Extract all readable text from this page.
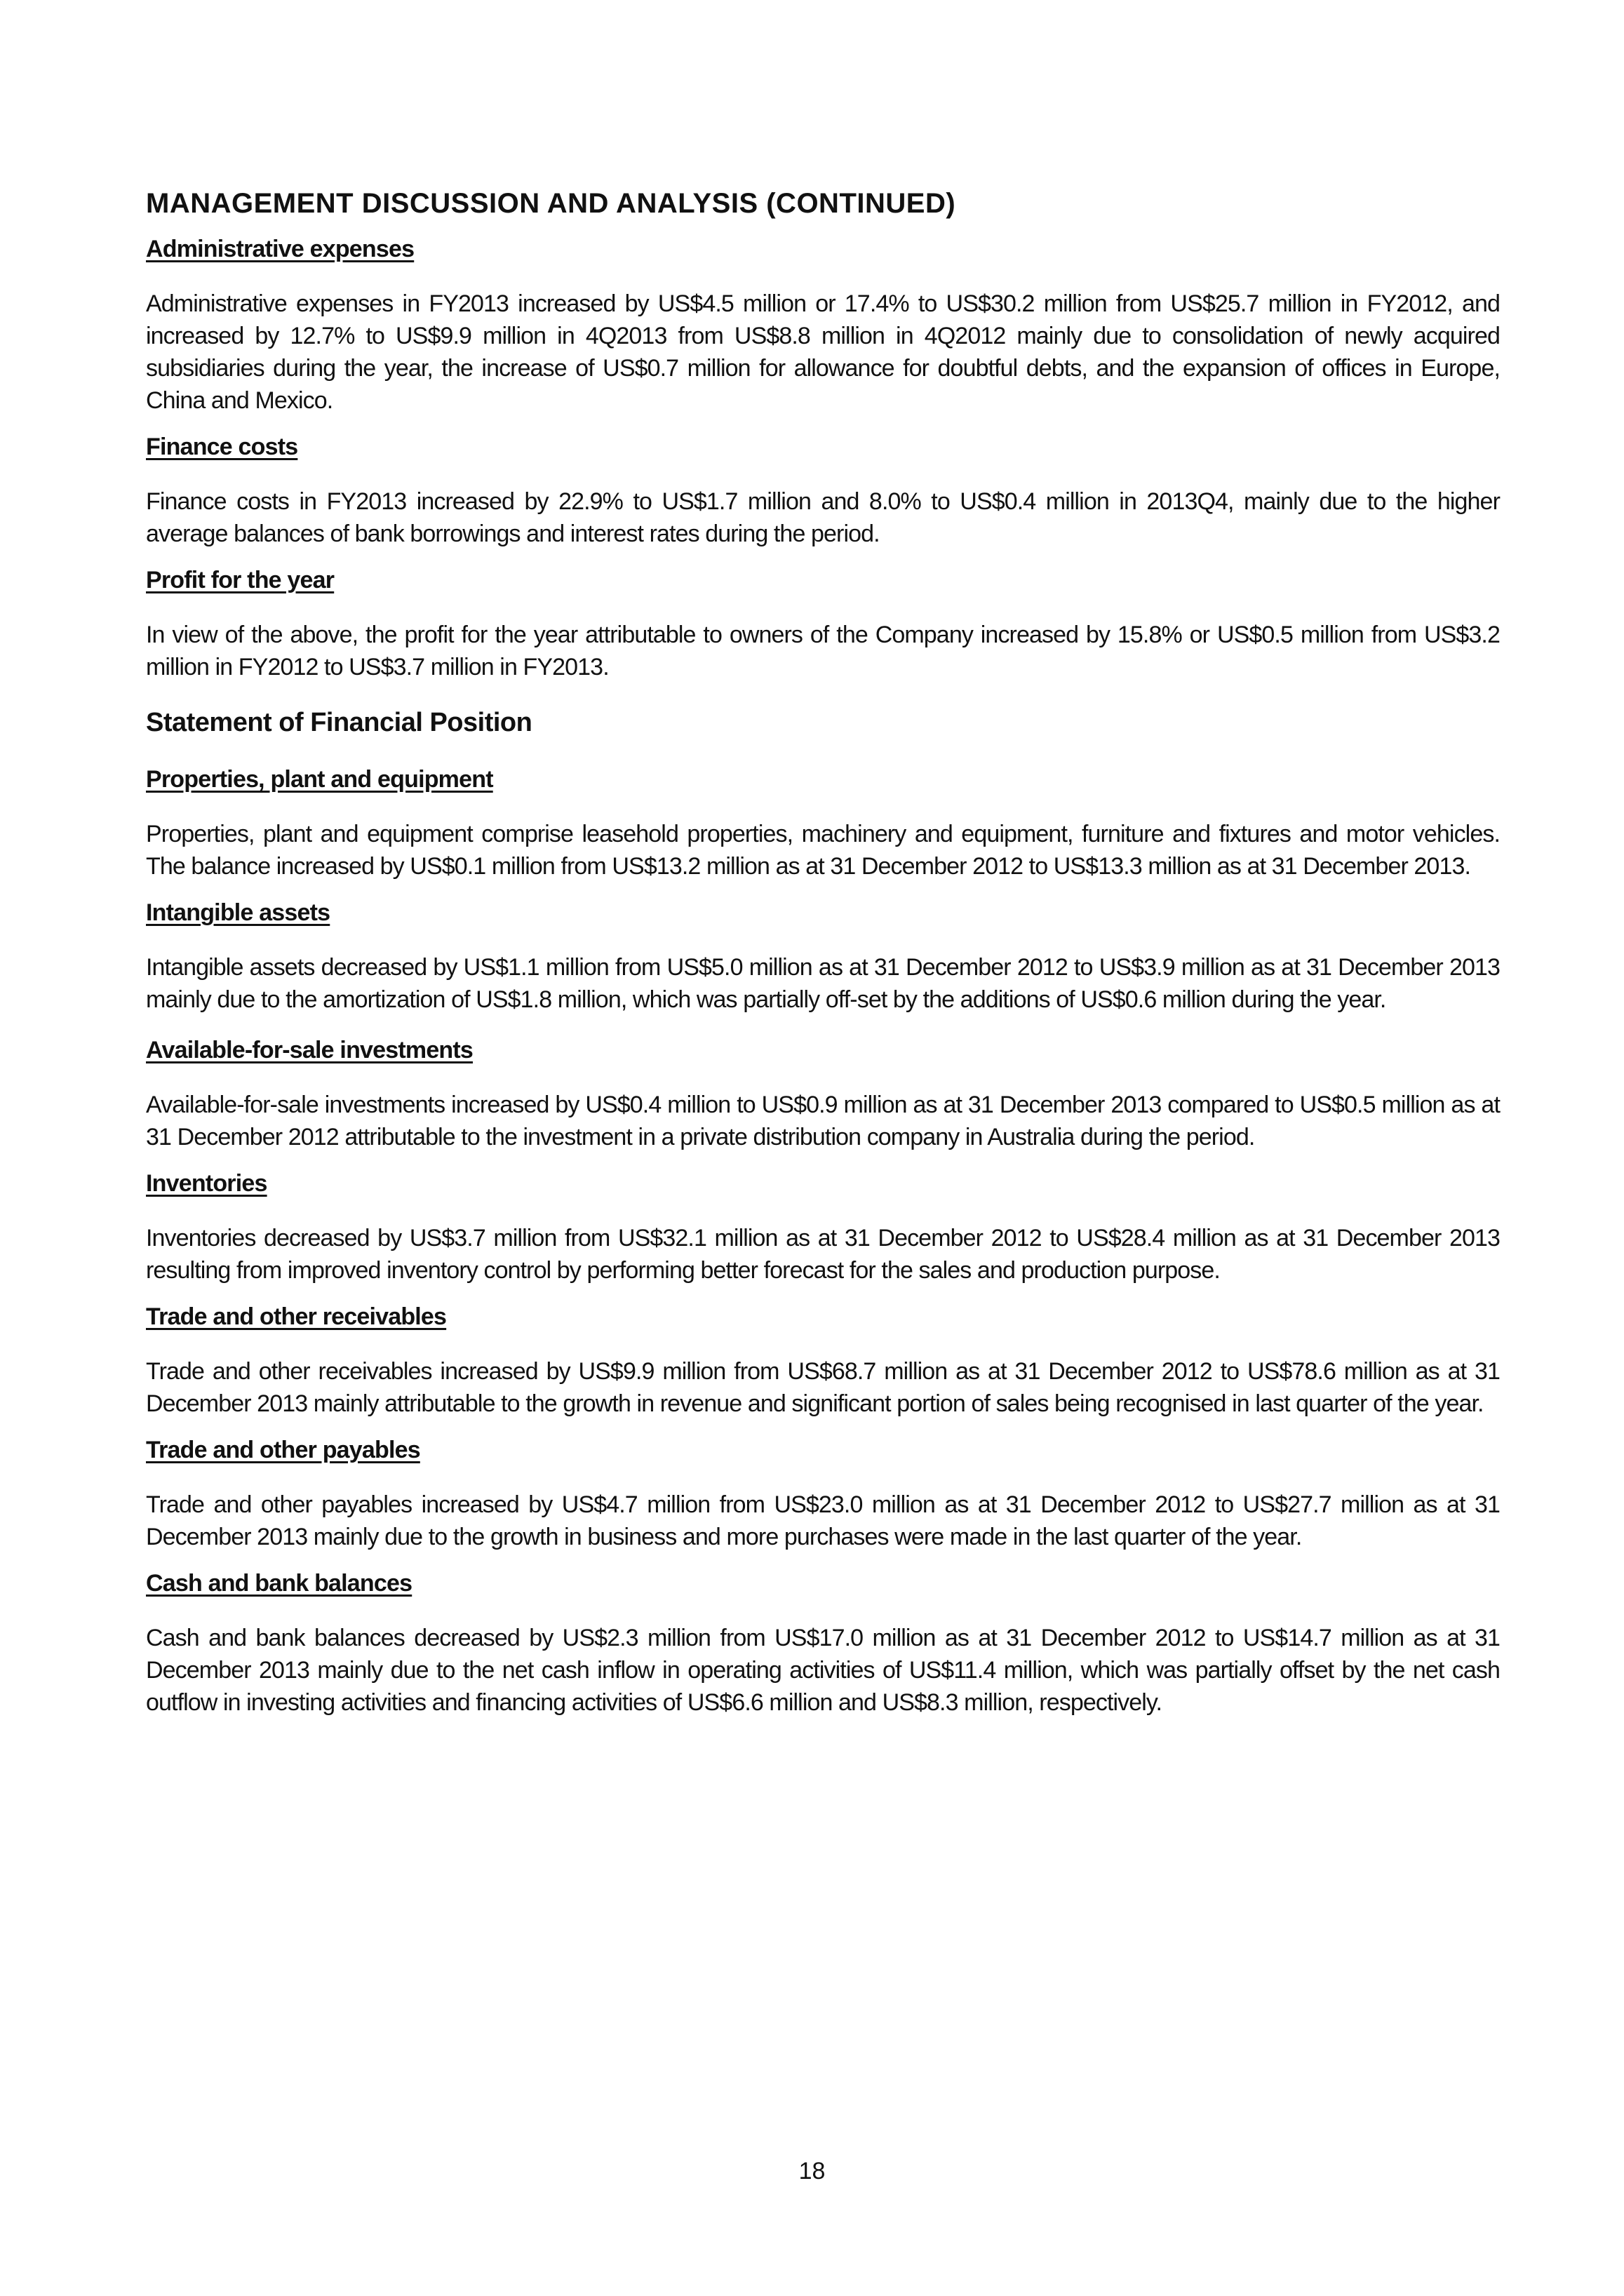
MANAGEMENT DISCUSSION AND ANALYSIS (CONTINUED)
Administrative expenses
Administrative expenses in FY2013 increased by US$4.5 million or 17.4% to US$30.2 million from US$25.7 million in FY2012, and increased by 12.7% to US$9.9 million in 4Q2013 from US$8.8 million in 4Q2012 mainly due to consolidation of newly acquired subsidiaries during the year, the increase of US$0.7 million for allowance for doubtful debts, and the expansion of offices in Europe, China and Mexico.
Finance costs
Finance costs in FY2013 increased by 22.9% to US$1.7 million and 8.0% to US$0.4 million in 2013Q4, mainly due to the higher average balances of bank borrowings and interest rates during the period.
Profit for the year
In view of the above, the profit for the year attributable to owners of the Company increased by 15.8% or US$0.5 million from US$3.2 million in FY2012 to US$3.7 million in FY2013.
Statement of Financial Position
Properties, plant and equipment
Properties, plant and equipment comprise leasehold properties, machinery and equipment, furniture and fixtures and motor vehicles. The balance increased by US$0.1 million from US$13.2 million as at 31 December 2012 to US$13.3 million as at 31 December 2013.
Intangible assets
Intangible assets decreased by US$1.1 million from US$5.0 million as at 31 December 2012 to US$3.9 million as at 31 December 2013 mainly due to the amortization of US$1.8 million, which was partially off-set by the additions of US$0.6 million during the year.
Available-for-sale investments
Available-for-sale investments increased by US$0.4 million to US$0.9 million as at 31 December 2013 compared to US$0.5 million as at 31 December 2012 attributable to the investment in a private distribution company in Australia during the period.
Inventories
Inventories decreased by US$3.7 million from US$32.1 million as at 31 December 2012 to US$28.4 million as at 31 December 2013 resulting from improved inventory control by performing better forecast for the sales and production purpose.
Trade and other receivables
Trade and other receivables increased by US$9.9 million from US$68.7 million as at 31 December 2012 to US$78.6 million as at 31 December 2013 mainly attributable to the growth in revenue and significant portion of sales being recognised in last quarter of the year.
Trade and other payables
Trade and other payables increased by US$4.7 million from US$23.0 million as at 31 December 2012 to US$27.7 million as at 31 December 2013 mainly due to the growth in business and more purchases were made in the last quarter of the year.
Cash and bank balances
Cash and bank balances decreased by US$2.3 million from US$17.0 million as at 31 December 2012 to US$14.7 million as at 31 December 2013 mainly due to the net cash inflow in operating activities of US$11.4 million, which was partially offset by the net cash outflow in investing activities and financing activities of US$6.6 million and US$8.3 million, respectively.
18
